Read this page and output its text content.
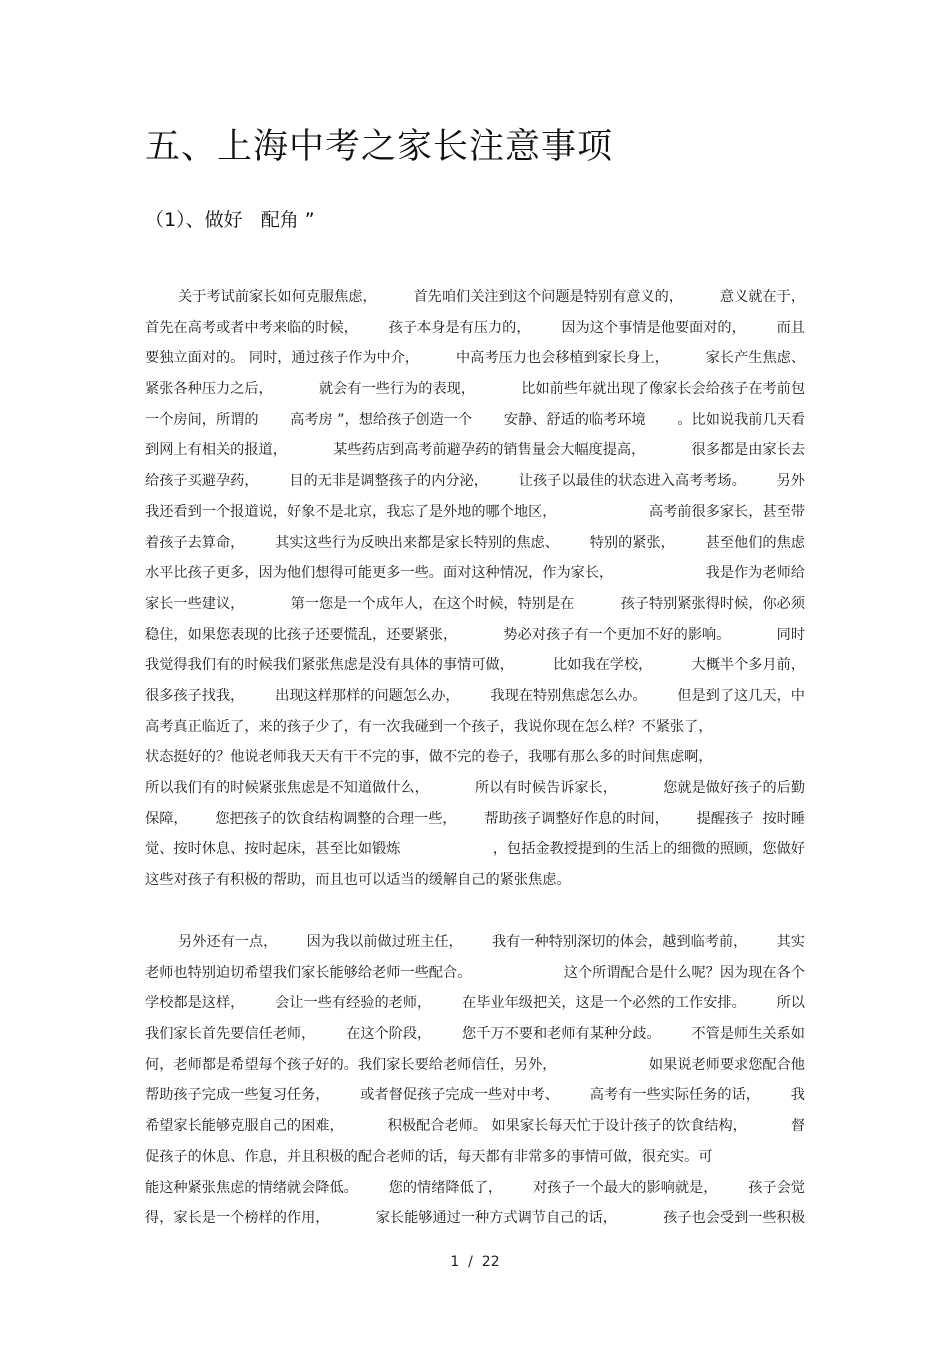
五、上海中考之家长注意事项
（1）、做好   配角 ”
关于考试前家长如何克服焦虑，	首先咱们关注到这个问题是特别有意义的，	意义就在于，
首先在高考或者中考来临的时候， 孩子本身是有压力的， 因为这个事情是他要面对的， 而且
要独立面对的。 同时，通过孩子作为中介，	中高考压力也会移植到家长身上，	家长产生焦虑、
紧张各种压力之后，	就会有一些行为的表现，	比如前些年就出现了像家长会给孩子在考前包
一个房间，所谓的 高考房 ”，想给孩子创造一个 安静、舒适的临考环境 。比如说我前几天看
到网上有相关的报道，	某些药店到高考前避孕药的销售量会大幅度提高，	很多都是由家长去
给孩子买避孕药， 目的无非是调整孩子的内分泌， 让孩子以最佳的状态进入高考考场。 另外
我还看到一个报道说，好象不是北京，我忘了是外地的哪个地区，	高考前很多家长，甚至带
着孩子去算命， 其实这些行为反映出来都是家长特别的焦虑、 特别的紧张， 甚至他们的焦虑
水平比孩子更多，因为他们想得可能更多一些。面对这种情况，作为家长，	我是作为老师给
家长一些建议，	第一您是一个成年人，在这个时候，特别是在	孩子特别紧张得时候，你必须
稳住，如果您表现的比孩子还要慌乱，还要紧张，	势必对孩子有一个更加不好的影响。	同时
我觉得我们有的时候我们紧张焦虑是没有具体的事情可做，	比如我在学校，	大概半个多月前，
很多孩子找我， 出现这样那样的问题怎么办， 我现在特别焦虑怎么办。 但是到了这几天，中
高考真正临近了，来的孩子少了，有一次我碰到一个孩子，我说你现在怎么样？不紧张了，
状态挺好的？他说老师我天天有干不完的事，做不完的卷子，我哪有那么多的时间焦虑啊，
所以我们有的时候紧张焦虑是不知道做什么，	所以有时候告诉家长，	您就是做好孩子的后勤
保障， 您把孩子的饮食结构调整的合理一些， 帮助孩子调整好作息的时间， 提醒孩子  按时睡
觉、按时休息、按时起床，甚至比如锻炼	，包括金教授提到的生活上的细微的照顾，您做好
这些对孩子有积极的帮助，而且也可以适当的缓解自己的紧张焦虑。
另外还有一点， 因为我以前做过班主任， 我有一种特别深切的体会，越到临考前， 其实
老师也特别迫切希望我们家长能够给老师一些配合。	这个所谓配合是什么呢？因为现在各个
学校都是这样， 会让一些有经验的老师， 在毕业年级把关，这是一个必然的工作安排。 所以
我们家长首先要信任老师， 在这个阶段， 您千万不要和老师有某种分歧。 不管是师生关系如
何，老师都是希望每个孩子好的。我们家长要给老师信任，另外，	如果说老师要求您配合他
帮助孩子完成一些复习任务， 或者督促孩子完成一些对中考、 高考有一些实际任务的话， 我
希望家长能够克服自己的困难，	积极配合老师。 如果家长每天忙于设计孩子的饮食结构，	督
促孩子的休息、作息，并且积极的配合老师的话，每天都有非常多的事情可做，很充实。可
能这种紧张焦虑的情绪就会降低。 您的情绪降低了， 对孩子一个最大的影响就是， 孩子会觉
得，家长是一个榜样的作用，	家长能够通过一种方式调节自己的话，	孩子也会受到一些积极
1  /  22
